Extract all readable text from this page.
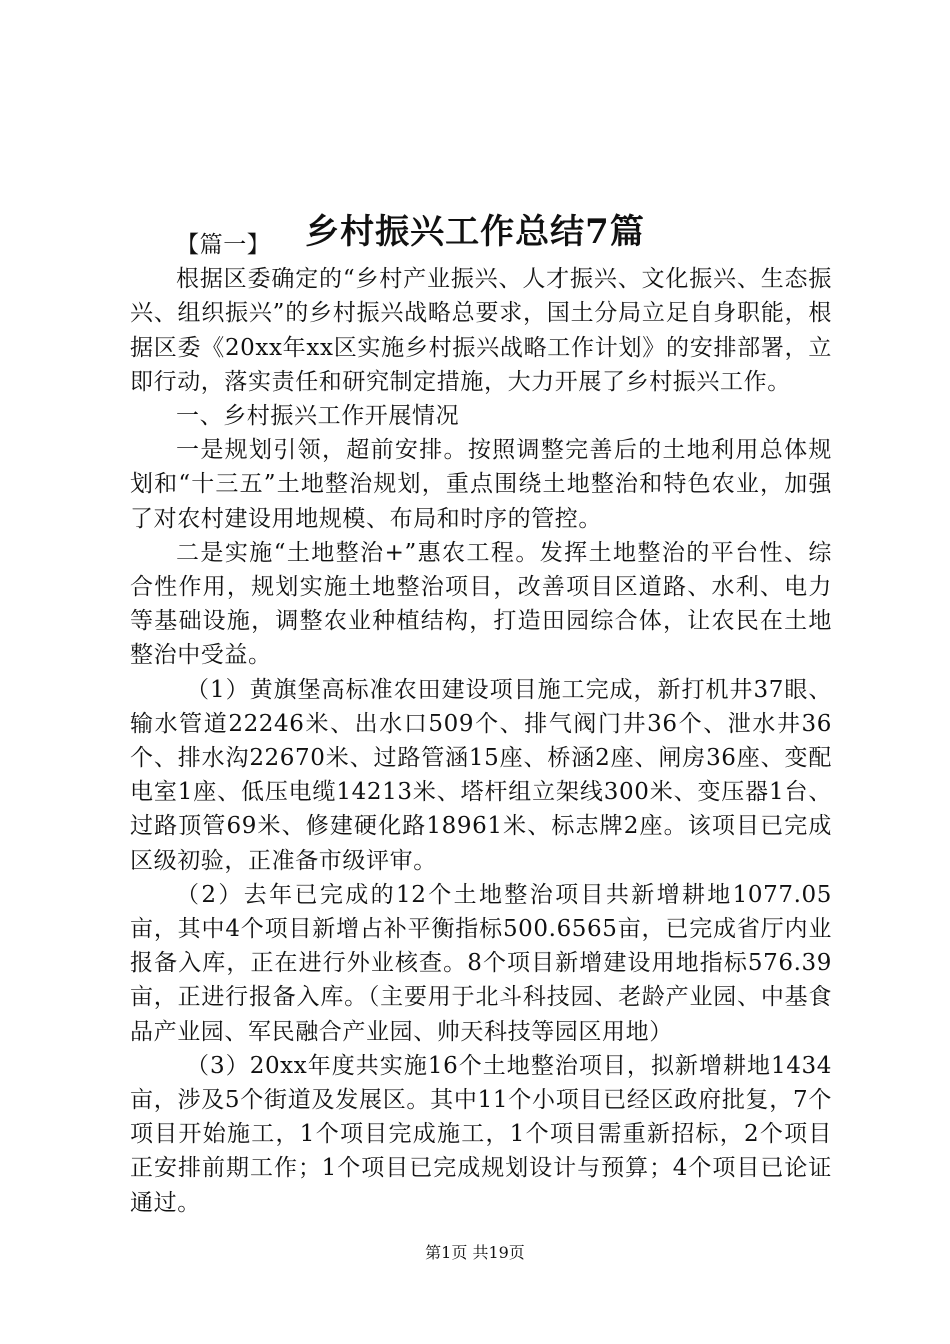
乡村振兴工作总结7篇

【篇一】

根据区委确定的“乡村产业振兴、人才振兴、文化振兴、生态振兴、组织振兴”的乡村振兴战略总要求，国土分局立足自身职能，根据区委《20xx年xx区实施乡村振兴战略工作计划》的安排部署，立即行动，落实责任和研究制定措施，大力开展了乡村振兴工作。

一、乡村振兴工作开展情况

一是规划引领，超前安排。按照调整完善后的土地利用总体规划和“十三五”土地整治规划，重点围绕土地整治和特色农业，加强了对农村建设用地规模、布局和时序的管控。

二是实施“土地整治+”惠农工程。发挥土地整治的平台性、综合性作用，规划实施土地整治项目，改善项目区道路、水利、电力等基础设施，调整农业种植结构，打造田园综合体，让农民在土地整治中受益。

（1）黄旗堡高标准农田建设项目施工完成，新打机井37眼、输水管道22246米、出水口509个、排气阀门井36个、泄水井36个、排水沟22670米、过路管涵15座、桥涵2座、闸房36座、变配电室1座、低压电缆14213米、塔杆组立架线300米、变压器1台、过路顶管69米、修建硬化路18961米、标志牌2座。该项目已完成区级初验，正准备市级评审。

（2）去年已完成的12个土地整治项目共新增耕地1077.05亩，其中4个项目新增占补平衡指标500.6565亩，已完成省厅内业报备入库，正在进行外业核查。8个项目新增建设用地指标576.39亩，正进行报备入库。（主要用于北斗科技园、老龄产业园、中基食品产业园、军民融合产业园、帅天科技等园区用地）

（3）20xx年度共实施16个土地整治项目，拟新增耕地1434亩，涉及5个街道及发展区。其中11个小项目已经区政府批复，7个项目开始施工，1个项目完成施工，1个项目需重新招标，2个项目正安排前期工作；1个项目已完成规划设计与预算；4个项目已论证通过。

第1页 共19页
